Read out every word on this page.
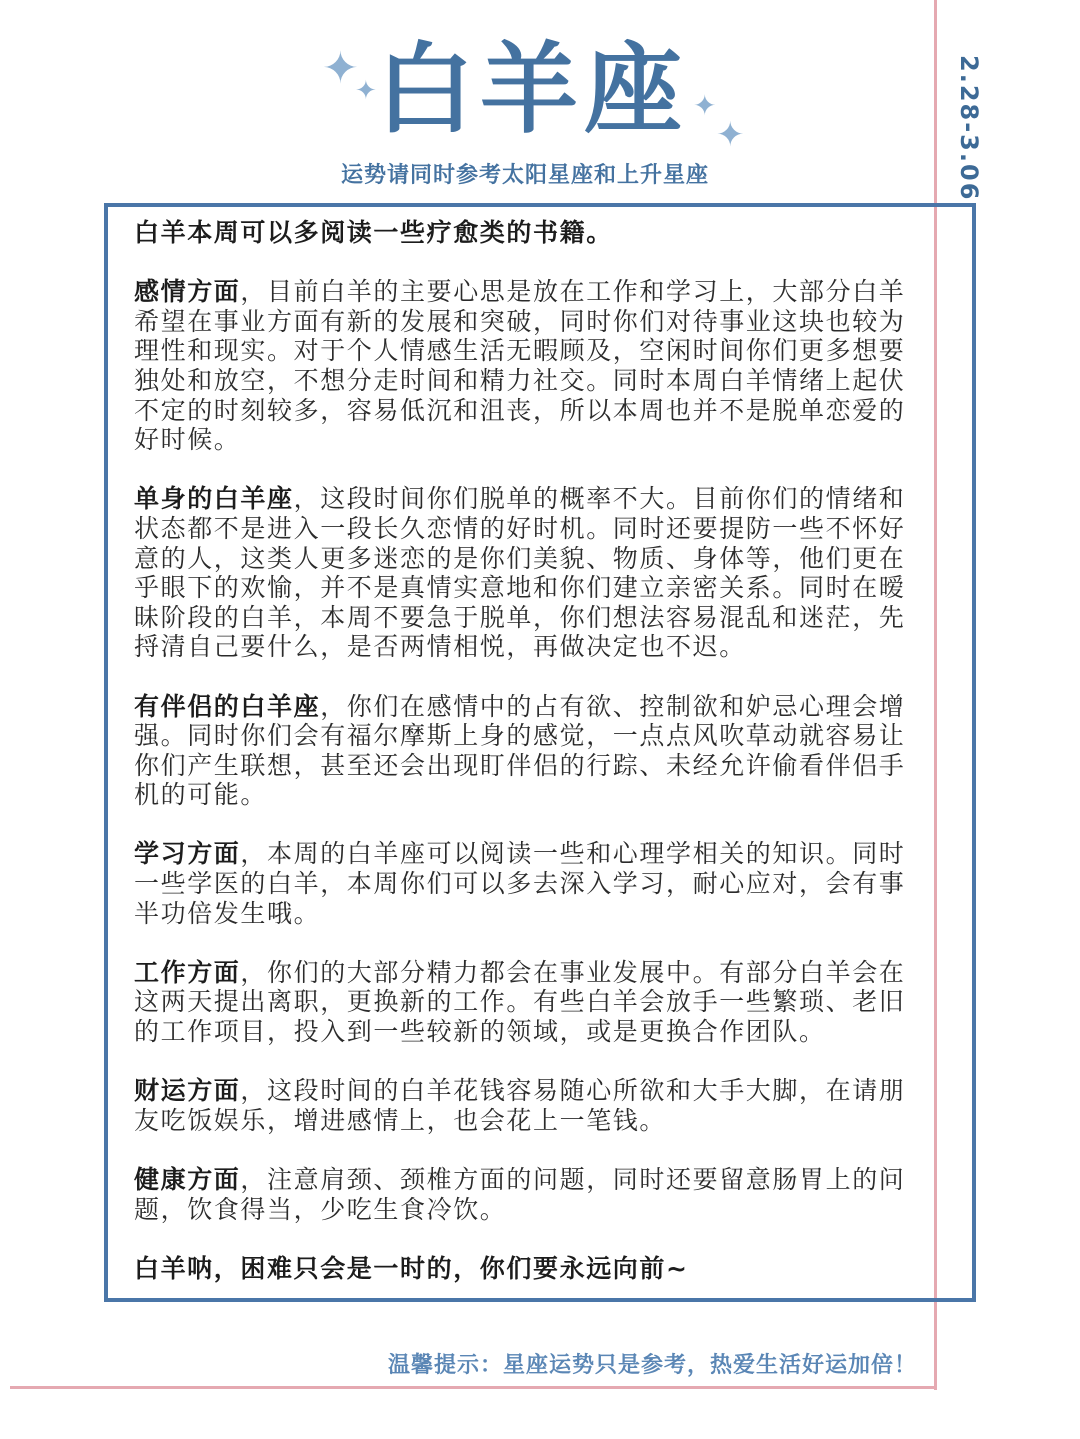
✦
✦	✦
✦
白羊座	2.28-3.06
运势请同时参考太阳星座和上升星座

白羊本周可以多阅读一些疗愈类的书籍。

感情方面，目前白羊的主要心思是放在工作和学习上，大部分白羊希望在事业方面有新的发展和突破，同时你们对待事业这块也较为理性和现实。对于个人情感生活无暇顾及，空闲时间你们更多想要独处和放空，不想分走时间和精力社交。同时本周白羊情绪上起伏不定的时刻较多，容易低沉和沮丧，所以本周也并不是脱单恋爱的好时候。

单身的白羊座，这段时间你们脱单的概率不大。目前你们的情绪和状态都不是进入一段长久恋情的好时机。同时还要提防一些不怀好意的人，这类人更多迷恋的是你们美貌、物质、身体等，他们更在乎眼下的欢愉，并不是真情实意地和你们建立亲密关系。同时在暧昧阶段的白羊，本周不要急于脱单，你们想法容易混乱和迷茫，先捋清自己要什么，是否两情相悦，再做决定也不迟。

有伴侣的白羊座，你们在感情中的占有欲、控制欲和妒忌心理会增强。同时你们会有福尔摩斯上身的感觉，一点点风吹草动就容易让你们产生联想，甚至还会出现盯伴侣的行踪、未经允许偷看伴侣手机的可能。

学习方面，本周的白羊座可以阅读一些和心理学相关的知识。同时一些学医的白羊，本周你们可以多去深入学习，耐心应对，会有事半功倍发生哦。

工作方面，你们的大部分精力都会在事业发展中。有部分白羊会在这两天提出离职，更换新的工作。有些白羊会放手一些繁琐、老旧的工作项目，投入到一些较新的领域，或是更换合作团队。

财运方面，这段时间的白羊花钱容易随心所欲和大手大脚，在请朋友吃饭娱乐，增进感情上，也会花上一笔钱。

健康方面，注意肩颈、颈椎方面的问题，同时还要留意肠胃上的问题，饮食得当，少吃生食冷饮。

白羊呐，困难只会是一时的，你们要永远向前~

温馨提示：星座运势只是参考，热爱生活好运加倍！
